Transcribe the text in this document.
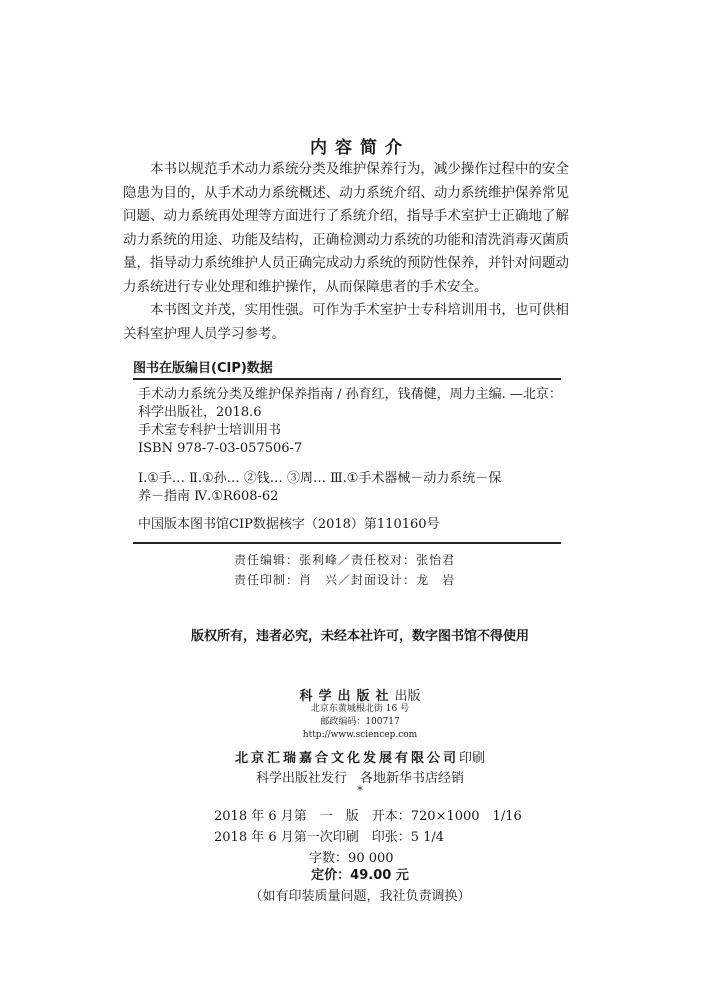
内容简介

本书以规范手术动力系统分类及维护保养行为，减少操作过程中的安全隐患为目的，从手术动力系统概述、动力系统介绍、动力系统维护保养常见问题、动力系统再处理等方面进行了系统介绍，指导手术室护士正确地了解动力系统的用途、功能及结构，正确检测动力系统的功能和清洗消毒灭菌质量，指导动力系统维护人员正确完成动力系统的预防性保养，并针对问题动力系统进行专业处理和维护操作，从而保障患者的手术安全。

本书图文并茂，实用性强。可作为手术室护士专科培训用书，也可供相关科室护理人员学习参考。

图书在版编目(CIP)数据
手术动力系统分类及维护保养指南 / 孙育红，钱蒨健，周力主编. —北京：
科学出版社，2018.6
手术室专科护士培训用书
ISBN 978-7-03-057506-7
Ⅰ.①手… Ⅱ.①孙… ②钱… ③周… Ⅲ.①手术器械－动力系统－保
养－指南 Ⅳ.①R608-62
中国版本图书馆CIP数据核字（2018）第110160号
责任编辑：张利峰／责任校对：张怡君
责任印制：肖　兴／封面设计：龙　岩
版权所有，违者必究，未经本社许可，数字图书馆不得使用
科学出版社出版
北京东黄城根北街 16 号
邮政编码：100717
http://www.sciencep.com
北京汇瑞嘉合文化发展有限公司印刷
科学出版社发行　各地新华书店经销
*
2018 年 6 月第　一　版　开本：720×1000　1/16
2018 年 6 月第一次印刷　印张：5 1/4
字数：90 000
定价：49.00 元
（如有印装质量问题，我社负责调换）
